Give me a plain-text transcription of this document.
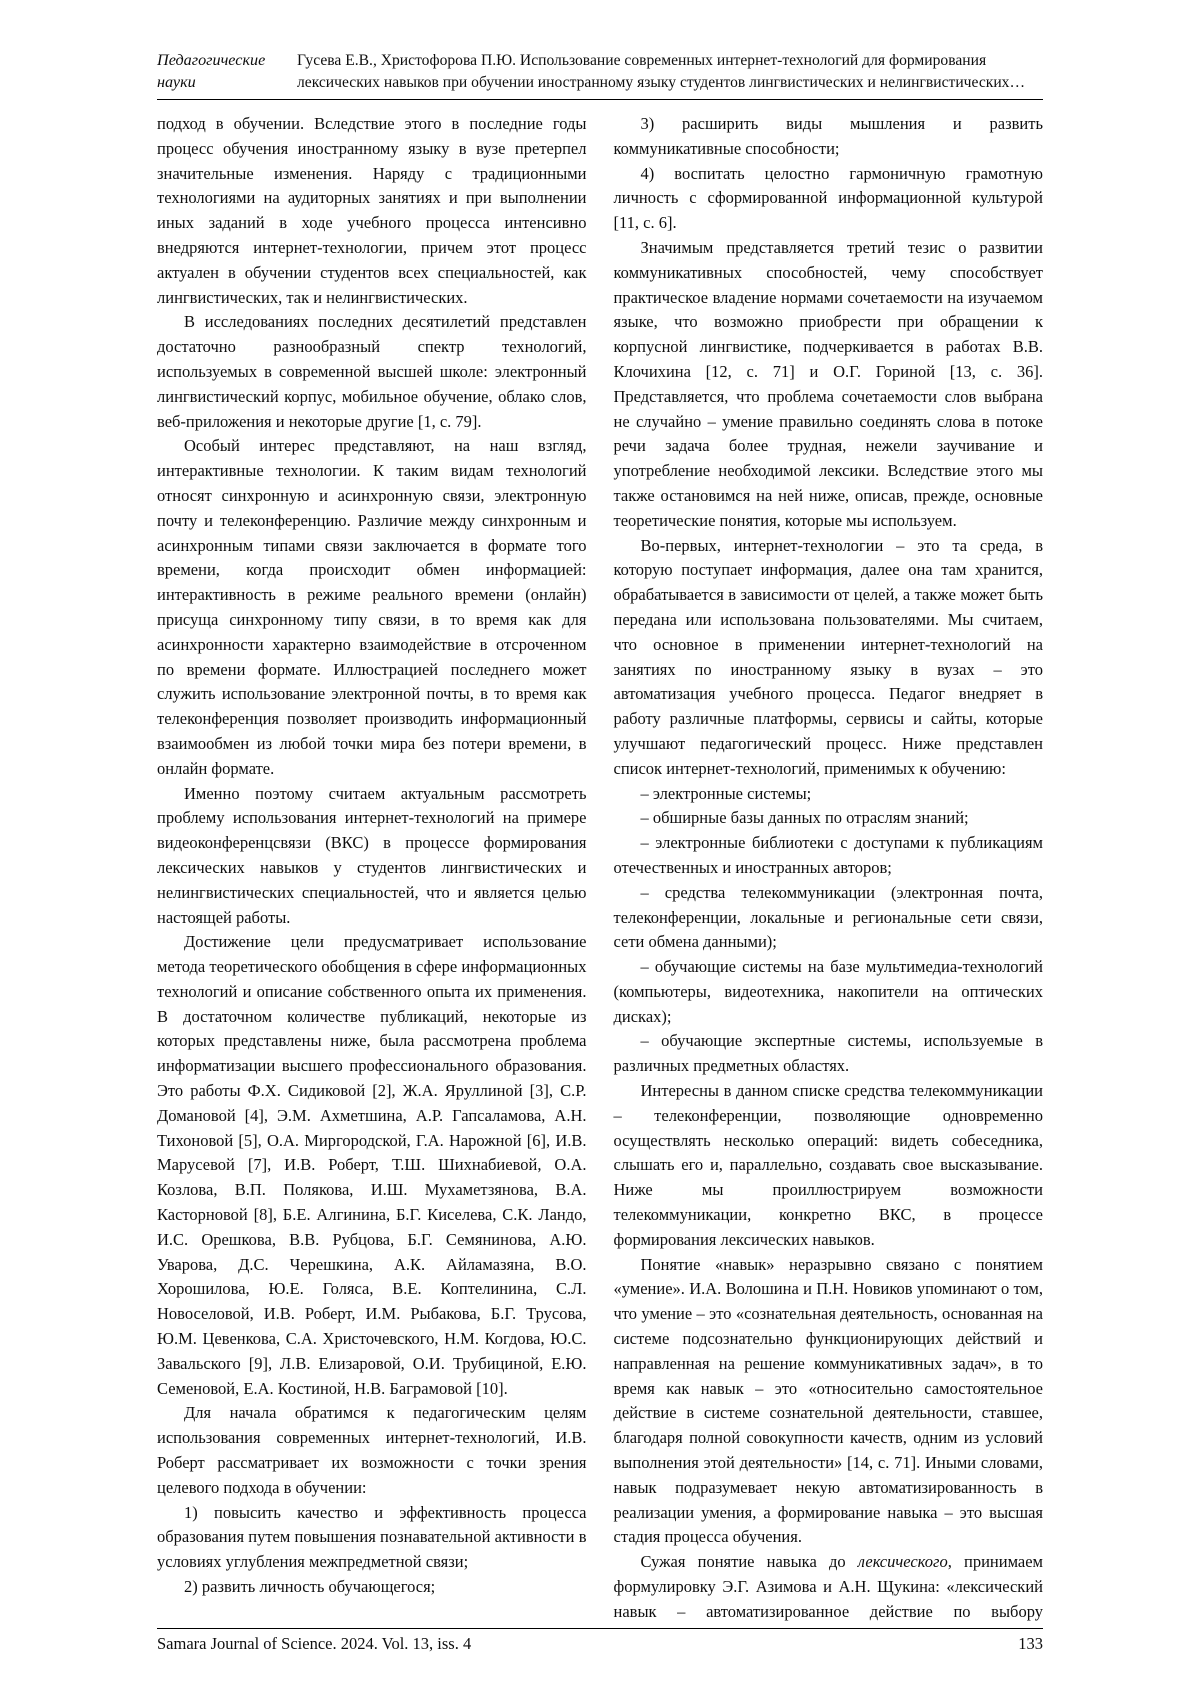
Педагогические
науки
Гусева Е.В., Христофорова П.Ю. Использование современных интернет-технологий для формирования
лексических навыков при обучении иностранному языку студентов лингвистических и нелингвистических…

подход в обучении. Вследствие этого в последние годы процесс обучения иностранному языку в вузе претерпел значительные изменения. Наряду с традиционными технологиями на аудиторных занятиях и при выполнении иных заданий в ходе учебного процесса интенсивно внедряются интернет-технологии, причем этот процесс актуален в обучении студентов всех специальностей, как лингвистических, так и нелингвистических.

В исследованиях последних десятилетий представлен достаточно разнообразный спектр технологий, используемых в современной высшей школе: электронный лингвистический корпус, мобильное обучение, облако слов, веб-приложения и некоторые другие [1, с. 79].

Особый интерес представляют, на наш взгляд, интерактивные технологии. К таким видам технологий относят синхронную и асинхронную связи, электронную почту и телеконференцию. Различие между синхронным и асинхронным типами связи заключается в формате того времени, когда происходит обмен информацией: интерактивность в режиме реального времени (онлайн) присуща синхронному типу связи, в то время как для асинхронности характерно взаимодействие в отсроченном по времени формате. Иллюстрацией последнего может служить использование электронной почты, в то время как телеконференция позволяет производить информационный взаимообмен из любой точки мира без потери времени, в онлайн формате.

Именно поэтому считаем актуальным рассмотреть проблему использования интернет-технологий на примере видеоконференцсвязи (ВКС) в процессе формирования лексических навыков у студентов лингвистических и нелингвистических специальностей, что и является целью настоящей работы.

Достижение цели предусматривает использование метода теоретического обобщения в сфере информационных технологий и описание собственного опыта их применения. В достаточном количестве публикаций, некоторые из которых представлены ниже, была рассмотрена проблема информатизации высшего профессионального образования. Это работы Ф.Х. Сидиковой [2], Ж.А. Яруллиной [3], С.Р. Домановой [4], Э.М. Ахметшина, А.Р. Гапсаламова, А.Н. Тихоновой [5], О.А. Миргородской, Г.А. Нарожной [6], И.В. Марусевой [7], И.В. Роберт, Т.Ш. Шихнабиевой, О.А. Козлова, В.П. Полякова, И.Ш. Мухаметзянова, В.А. Касторновой [8], Б.Е. Алгинина, Б.Г. Киселева, С.К. Ландо, И.С. Орешкова, В.В. Рубцова, Б.Г. Семянинова, А.Ю. Уварова, Д.С. Черешкина, А.К. Айламазяна, В.О. Хорошилова, Ю.Е. Голяса, В.Е. Коптелинина, С.Л. Новоселовой, И.В. Роберт, И.М. Рыбакова, Б.Г. Трусова, Ю.М. Цевенкова, С.А. Христочевского, Н.М. Когдова, Ю.С. Завальского [9], Л.В. Елизаровой, О.И. Трубициной, Е.Ю. Семеновой, Е.А. Костиной, Н.В. Баграмовой [10].

Для начала обратимся к педагогическим целям использования современных интернет-технологий, И.В. Роберт рассматривает их возможности с точки зрения целевого подхода в обучении:

1) повысить качество и эффективность процесса образования путем повышения познавательной активности в условиях углубления межпредметной связи;

2) развить личность обучающегося;

3) расширить виды мышления и развить коммуникативные способности;

4) воспитать целостно гармоничную грамотную личность с сформированной информационной культурой [11, с. 6].

Значимым представляется третий тезис о развитии коммуникативных способностей, чему способствует практическое владение нормами сочетаемости на изучаемом языке, что возможно приобрести при обращении к корпусной лингвистике, подчеркивается в работах В.В. Клочихина [12, с. 71] и О.Г. Гориной [13, с. 36]. Представляется, что проблема сочетаемости слов выбрана не случайно – умение правильно соединять слова в потоке речи задача более трудная, нежели заучивание и употребление необходимой лексики. Вследствие этого мы также остановимся на ней ниже, описав, прежде, основные теоретические понятия, которые мы используем.

Во-первых, интернет-технологии – это та среда, в которую поступает информация, далее она там хранится, обрабатывается в зависимости от целей, а также может быть передана или использована пользователями. Мы считаем, что основное в применении интернет-технологий на занятиях по иностранному языку в вузах – это автоматизация учебного процесса. Педагог внедряет в работу различные платформы, сервисы и сайты, которые улучшают педагогический процесс. Ниже представлен список интернет-технологий, применимых к обучению:

– электронные системы;

– обширные базы данных по отраслям знаний;

– электронные библиотеки с доступами к публикациям отечественных и иностранных авторов;

– средства телекоммуникации (электронная почта, телеконференции, локальные и региональные сети связи, сети обмена данными);

– обучающие системы на базе мультимедиа-технологий (компьютеры, видеотехника, накопители на оптических дисках);

– обучающие экспертные системы, используемые в различных предметных областях.

Интересны в данном списке средства телекоммуникации – телеконференции, позволяющие одновременно осуществлять несколько операций: видеть собеседника, слышать его и, параллельно, создавать свое высказывание. Ниже мы проиллюстрируем возможности телекоммуникации, конкретно ВКС, в процессе формирования лексических навыков.

Понятие «навык» неразрывно связано с понятием «умение». И.А. Волошина и П.Н. Новиков упоминают о том, что умение – это «сознательная деятельность, основанная на системе подсознательно функционирующих действий и направленная на решение коммуникативных задач», в то время как навык – это «относительно самостоятельное действие в системе сознательной деятельности, ставшее, благодаря полной совокупности качеств, одним из условий выполнения этой деятельности» [14, с. 71]. Иными словами, навык подразумевает некую автоматизированность в реализации умения, а формирование навыка – это высшая стадия процесса обучения.

Сужая понятие навыка до лексического, принимаем формулировку Э.Г. Азимова и А.Н. Щукина: «лексический навык – автоматизированное действие по выбору

Samara Journal of Science. 2024. Vol. 13, iss. 4	133
